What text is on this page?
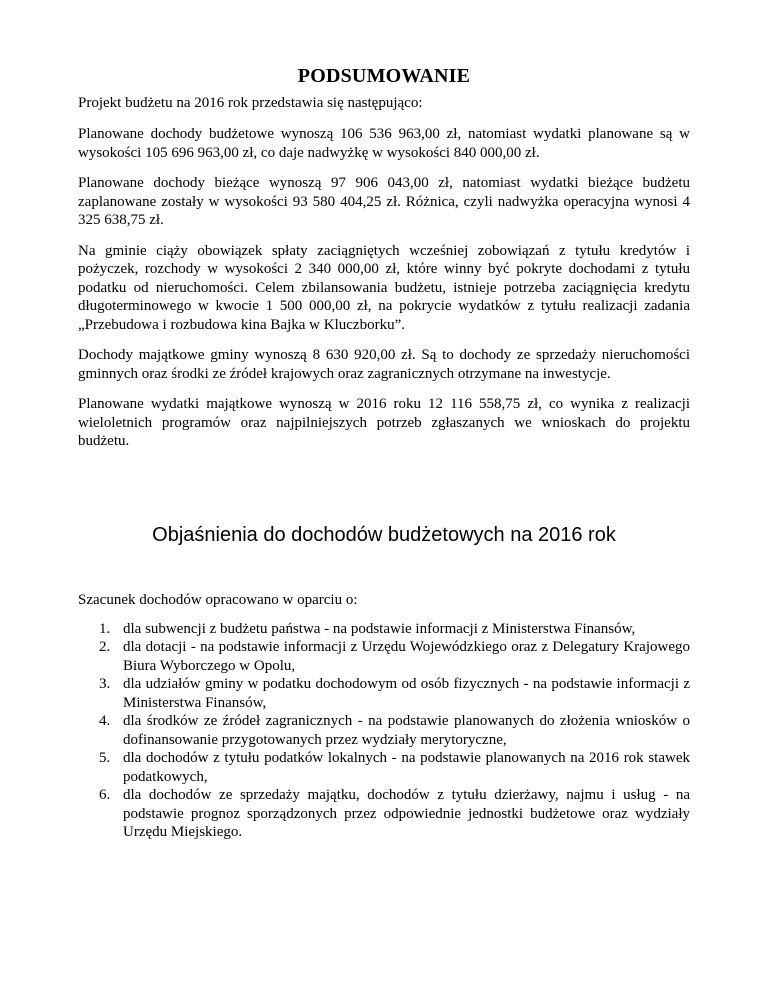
PODSUMOWANIE

Projekt budżetu na 2016 rok przedstawia się następująco:

Planowane dochody budżetowe wynoszą 106 536 963,00 zł, natomiast wydatki planowane są w wysokości 105 696 963,00 zł, co daje nadwyżkę w wysokości 840 000,00 zł.

Planowane dochody bieżące wynoszą 97 906 043,00 zł, natomiast wydatki bieżące budżetu zaplanowane zostały w wysokości 93 580 404,25 zł. Różnica, czyli nadwyżka operacyjna wynosi 4 325 638,75 zł.

Na gminie ciąży obowiązek spłaty zaciągniętych wcześniej zobowiązań z tytułu kredytów i pożyczek, rozchody w wysokości 2 340 000,00 zł, które winny być pokryte dochodami z tytułu podatku od nieruchomości. Celem zbilansowania budżetu, istnieje potrzeba zaciągnięcia kredytu długoterminowego w kwocie 1 500 000,00 zł, na pokrycie wydatków z tytułu realizacji zadania „Przebudowa i rozbudowa kina Bajka w Kluczborku”.

Dochody majątkowe gminy wynoszą 8 630 920,00 zł. Są to dochody ze sprzedaży nieruchomości gminnych oraz środki ze źródeł krajowych oraz zagranicznych otrzymane na inwestycje.

Planowane wydatki majątkowe wynoszą w 2016 roku 12 116 558,75 zł, co wynika z realizacji wieloletnich programów oraz najpilniejszych potrzeb zgłaszanych we wnioskach do projektu budżetu.

Objaśnienia do dochodów budżetowych na 2016 rok

Szacunek dochodów opracowano w oparciu o:

1. dla subwencji z budżetu państwa - na podstawie informacji z Ministerstwa Finansów,
2. dla dotacji - na podstawie informacji z Urzędu Wojewódzkiego oraz z Delegatury Krajowego Biura Wyborczego w Opolu,
3. dla udziałów gminy w podatku dochodowym od osób fizycznych - na podstawie informacji z Ministerstwa Finansów,
4. dla środków ze źródeł zagranicznych - na podstawie planowanych do złożenia wniosków o dofinansowanie przygotowanych przez wydziały merytoryczne,
5. dla dochodów z tytułu podatków lokalnych - na podstawie planowanych na 2016 rok stawek podatkowych,
6. dla dochodów ze sprzedaży majątku, dochodów z tytułu dzierżawy, najmu i usług - na podstawie prognoz sporządzonych przez odpowiednie jednostki budżetowe oraz wydziały Urzędu Miejskiego.
